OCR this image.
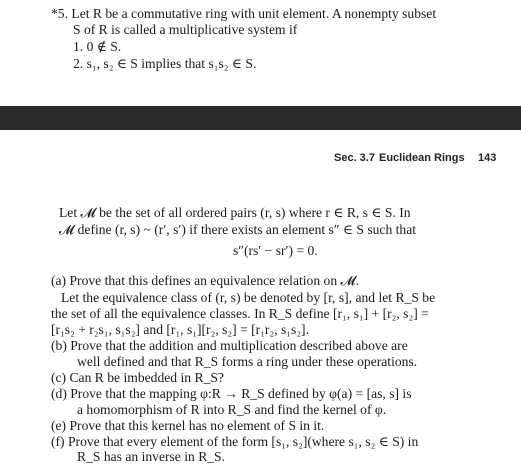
*5. Let R be a commutative ring with unit element. A nonempty subset
S of R is called a multiplicative system if
1. 0 ∉ S.
2. s₁, s₂ ∈ S implies that s₁s₂ ∈ S.
Sec. 3.7 Euclidean Rings 143
Let 𝓜 be the set of all ordered pairs (r, s) where r ∈ R, s ∈ S. In
𝓜 define (r, s) ~ (r′, s′) if there exists an element s″ ∈ S such that
s″(rs′ − sr′) = 0.
(a) Prove that this defines an equivalence relation on 𝓜.
Let the equivalence class of (r, s) be denoted by [r, s], and let R_S be
the set of all the equivalence classes. In R_S define [r₁, s₁] + [r₂, s₂] =
[r₁s₂ + r₂s₁, s₁s₂] and [r₁, s₁][r₂, s₂] = [r₁r₂, s₁s₂].
(b) Prove that the addition and multiplication described above are
well defined and that R_S forms a ring under these operations.
(c) Can R be imbedded in R_S?
(d) Prove that the mapping φ:R → R_S defined by φ(a) = [as, s] is
a homomorphism of R into R_S and find the kernel of φ.
(e) Prove that this kernel has no element of S in it.
(f) Prove that every element of the form [s₁, s₂](where s₁, s₂ ∈ S) in
R_S has an inverse in R_S.
